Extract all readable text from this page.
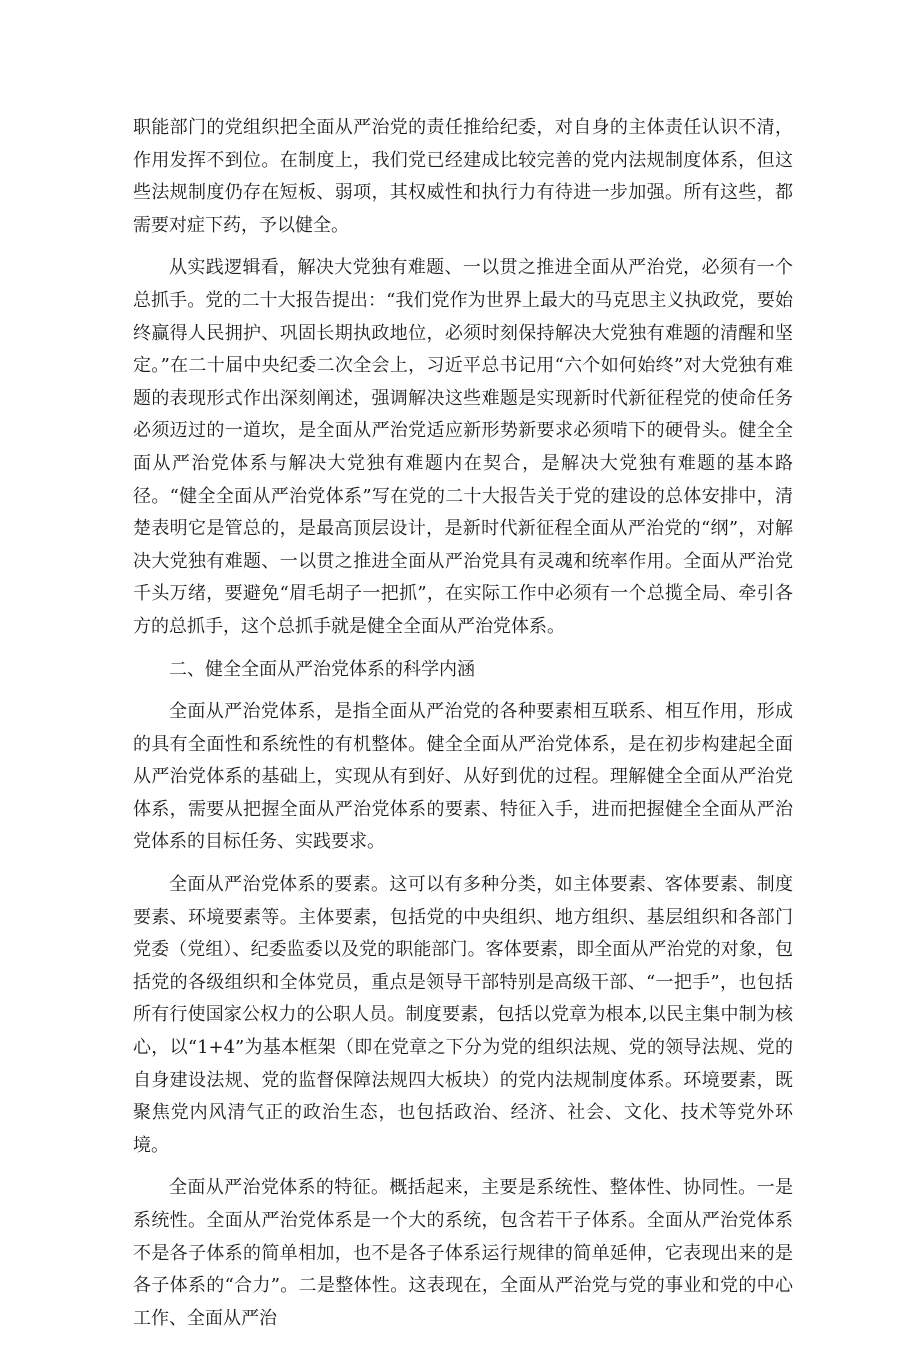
职能部门的党组织把全面从严治党的责任推给纪委，对自身的主体责任认识不清，作用发挥不到位。在制度上，我们党已经建成比较完善的党内法规制度体系，但这些法规制度仍存在短板、弱项，其权威性和执行力有待进一步加强。所有这些，都需要对症下药，予以健全。

从实践逻辑看，解决大党独有难题、一以贯之推进全面从严治党，必须有一个总抓手。党的二十大报告提出：“我们党作为世界上最大的马克思主义执政党，要始终赢得人民拥护、巩固长期执政地位，必须时刻保持解决大党独有难题的清醒和坚定。”在二十届中央纪委二次全会上，习近平总书记用“六个如何始终”对大党独有难题的表现形式作出深刻阐述，强调解决这些难题是实现新时代新征程党的使命任务必须迈过的一道坎，是全面从严治党适应新形势新要求必须啃下的硬骨头。健全全面从严治党体系与解决大党独有难题内在契合，是解决大党独有难题的基本路径。“健全全面从严治党体系”写在党的二十大报告关于党的建设的总体安排中，清楚表明它是管总的，是最高顶层设计，是新时代新征程全面从严治党的“纲”，对解决大党独有难题、一以贯之推进全面从严治党具有灵魂和统率作用。全面从严治党千头万绪，要避免“眉毛胡子一把抓”，在实际工作中必须有一个总揽全局、牵引各方的总抓手，这个总抓手就是健全全面从严治党体系。

二、健全全面从严治党体系的科学内涵

全面从严治党体系，是指全面从严治党的各种要素相互联系、相互作用，形成的具有全面性和系统性的有机整体。健全全面从严治党体系，是在初步构建起全面从严治党体系的基础上，实现从有到好、从好到优的过程。理解健全全面从严治党体系，需要从把握全面从严治党体系的要素、特征入手，进而把握健全全面从严治党体系的目标任务、实践要求。

全面从严治党体系的要素。这可以有多种分类，如主体要素、客体要素、制度要素、环境要素等。主体要素，包括党的中央组织、地方组织、基层组织和各部门党委（党组）、纪委监委以及党的职能部门。客体要素，即全面从严治党的对象，包括党的各级组织和全体党员，重点是领导干部特别是高级干部、“一把手”，也包括所有行使国家公权力的公职人员。制度要素，包括以党章为根本,以民主集中制为核心，以“1+4”为基本框架（即在党章之下分为党的组织法规、党的领导法规、党的自身建设法规、党的监督保障法规四大板块）的党内法规制度体系。环境要素，既聚焦党内风清气正的政治生态，也包括政治、经济、社会、文化、技术等党外环境。

全面从严治党体系的特征。概括起来，主要是系统性、整体性、协同性。一是系统性。全面从严治党体系是一个大的系统，包含若干子体系。全面从严治党体系不是各子体系的简单相加，也不是各子体系运行规律的简单延伸，它表现出来的是各子体系的“合力”。二是整体性。这表现在，全面从严治党与党的事业和党的中心工作、全面从严治
